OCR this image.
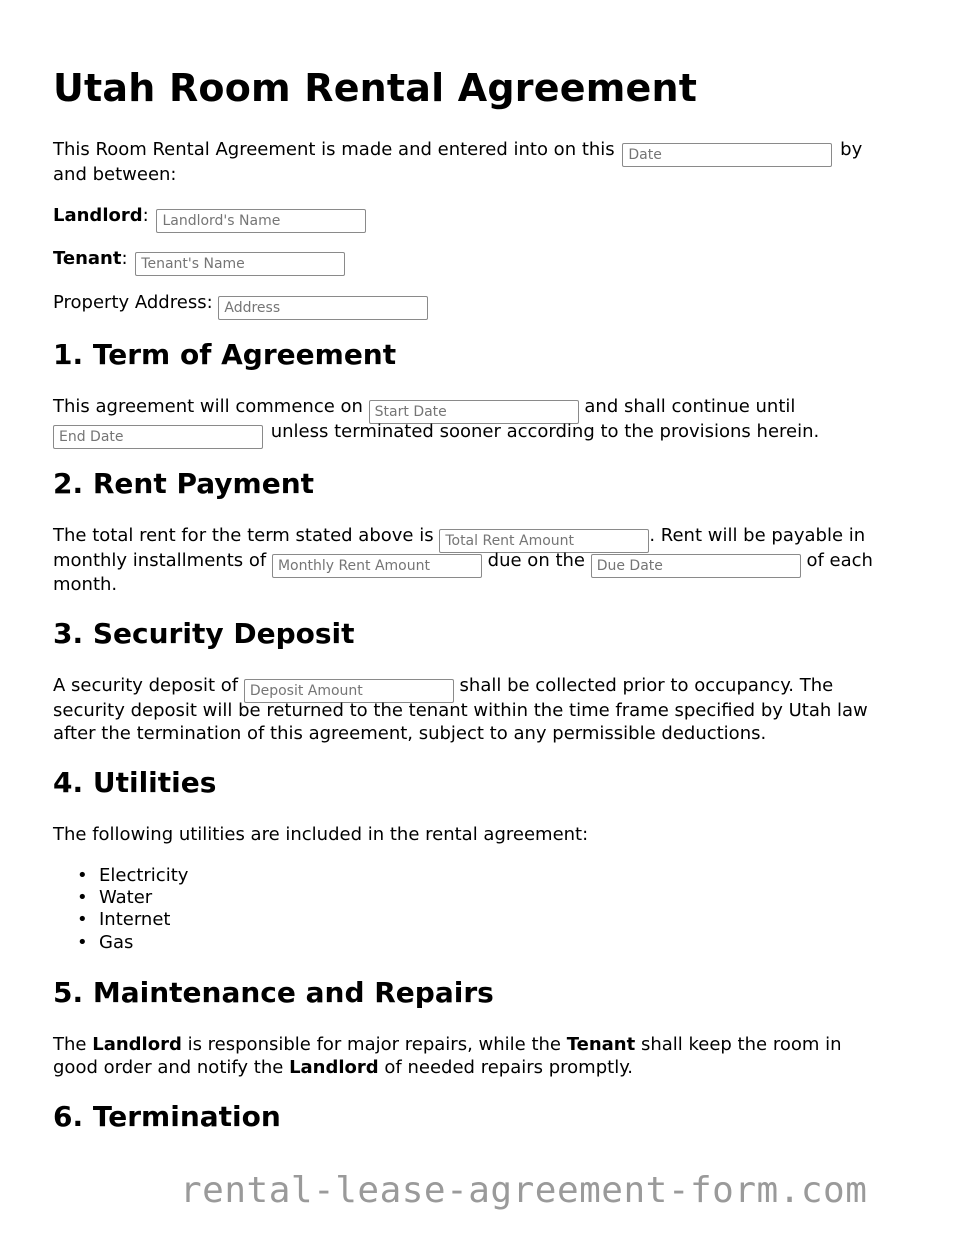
Utah Room Rental Agreement

This Room Rental Agreement is made and entered into on this Date	by

and between:

Landlord: Landlord's Name

Tenant: Tenant's Name

Property Address: Address

1. Term of Agreement

This agreement will commence on Start Date	and shall continue until

End Date unless terminated sooner according to the provisions herein.

2. Rent Payment

The total rent for the term stated above is Total Rent Amount	. Rent will be payable in

monthly installments of Monthly Rent Amount	due on the Due Date	of each

month.

3. Security Deposit

A security deposit of Deposit Amount	shall be collected prior to occupancy. The

security deposit will be returned to the tenant within the time frame specified by Utah law

after the termination of this agreement, subject to any permissible deductions.

4. Utilities

The following utilities are included in the rental agreement:

• Electricity
• Water
• Internet
• Gas
5. Maintenance and Repairs

The Landlord is responsible for major repairs, while the Tenant shall keep the room in

good order and notify the Landlord of needed repairs promptly.

6. Termination
rental-lease-agreement-form.com
